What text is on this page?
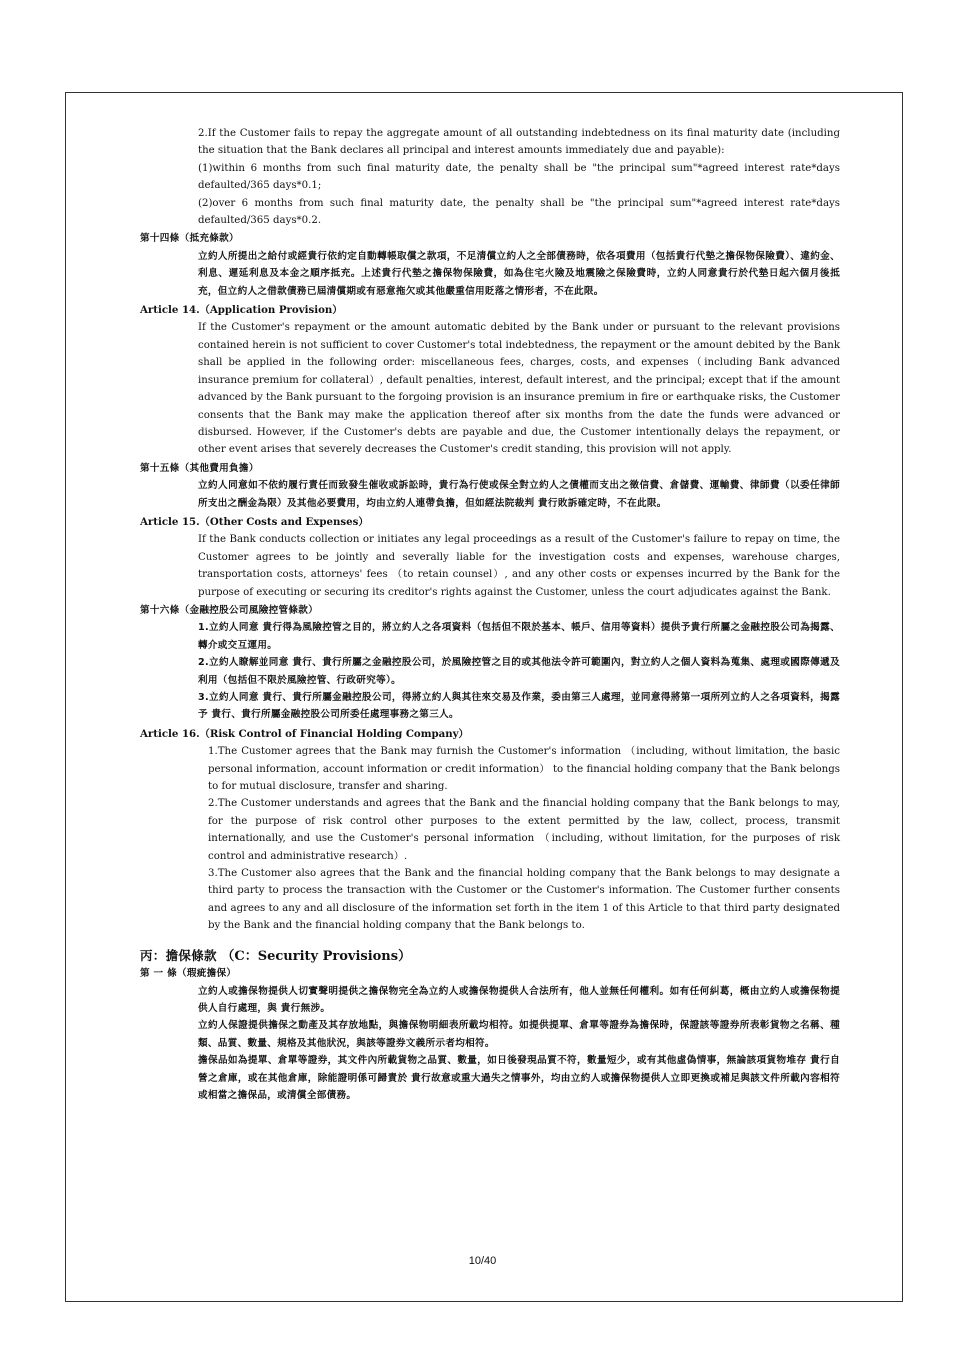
2.If the Customer fails to repay the aggregate amount of all outstanding indebtedness on its final maturity date (including the situation that the Bank declares all principal and interest amounts immediately due and payable):

(1)within 6 months from such final maturity date, the penalty shall be "the principal sum"*agreed interest rate*days defaulted/365 days*0.1;

(2)over 6 months from such final maturity date, the penalty shall be "the principal sum"*agreed interest rate*days defaulted/365 days*0.2.

第十四條（抵充條款）

立約人所提出之給付或經貴行依約定自動轉帳取償之款項，不足清償立約人之全部債務時，依各項費用（包括貴行代墊之擔保物保險費）、違約金、利息、遲延利息及本金之順序抵充。上述貴行代墊之擔保物保險費，如為住宅火險及地震險之保險費時，立約人同意貴行於代墊日起六個月後抵充，但立約人之借款債務已屆清償期或有惡意拖欠或其他嚴重信用貶落之情形者，不在此限。

Article 14.（Application Provision）

If the Customer's repayment or the amount automatic debited by the Bank under or pursuant to the relevant provisions contained herein is not sufficient to cover Customer's total indebtedness, the repayment or the amount debited by the Bank shall be applied in the following order: miscellaneous fees, charges, costs, and expenses（including Bank advanced insurance premium for collateral）, default penalties, interest, default interest, and the principal; except that if the amount advanced by the Bank pursuant to the forgoing provision is an insurance premium in fire or earthquake risks, the Customer consents that the Bank may make the application thereof after six months from the date the funds were advanced or disbursed. However, if the Customer's debts are payable and due, the Customer intentionally delays the repayment, or other event arises that severely decreases the Customer's credit standing, this provision will not apply.

第十五條（其他費用負擔）

立約人同意如不依約履行責任而致發生催收或訴訟時，貴行為行使或保全對立約人之債權而支出之徵信費、倉儲費、運輸費、律師費（以委任律師所支出之酬金為限）及其他必要費用，均由立約人連帶負擔，但如經法院裁判 貴行敗訴確定時，不在此限。

Article 15.（Other Costs and Expenses）

If the Bank conducts collection or initiates any legal proceedings as a result of the Customer's failure to repay on time, the Customer agrees to be jointly and severally liable for the investigation costs and expenses, warehouse charges, transportation costs, attorneys' fees （to retain counsel）, and any other costs or expenses incurred by the Bank for the purpose of executing or securing its creditor's rights against the Customer, unless the court adjudicates against the Bank.

第十六條（金融控股公司風險控管條款）

1.立約人同意 貴行得為風險控管之目的，將立約人之各項資料（包括但不限於基本、帳戶、信用等資料）提供予貴行所屬之金融控股公司為揭露、轉介或交互運用。

2.立約人瞭解並同意 貴行、貴行所屬之金融控股公司，於風險控管之目的或其他法令許可範圍內，對立約人之個人資料為蒐集、處理或國際傳遞及利用（包括但不限於風險控管、行政研究等）。

3.立約人同意 貴行、貴行所屬金融控股公司，得將立約人與其往來交易及作業，委由第三人處理，並同意得將第一項所列立約人之各項資料，揭露予 貴行、貴行所屬金融控股公司所委任處理事務之第三人。

Article 16.（Risk Control of Financial Holding Company）

1.The Customer agrees that the Bank may furnish the Customer's information （including, without limitation, the basic personal information, account information or credit information） to the financial holding company that the Bank belongs to for mutual disclosure, transfer and sharing.

2.The Customer understands and agrees that the Bank and the financial holding company that the Bank belongs to may, for the purpose of risk control other purposes to the extent permitted by the law, collect, process, transmit internationally, and use the Customer's personal information （including, without limitation, for the purposes of risk control and administrative research）.

3.The Customer also agrees that the Bank and the financial holding company that the Bank belongs to may designate a third party to process the transaction with the Customer or the Customer's information. The Customer further consents and agrees to any and all disclosure of the information set forth in the item 1 of this Article to that third party designated by the Bank and the financial holding company that the Bank belongs to.

丙：擔保條款 （C：Security Provisions）

第 一 條（瑕疵擔保）

立約人或擔保物提供人切實聲明提供之擔保物完全為立約人或擔保物提供人合法所有，他人並無任何權利。如有任何糾葛，概由立約人或擔保物提供人自行處理，與 貴行無涉。

立約人保證提供擔保之動產及其存放地點，與擔保物明細表所載均相符。如提供提單、倉單等證券為擔保時，保證該等證券所表彰貨物之名稱、種類、品質、數量、規格及其他狀況，與該等證券文義所示者均相符。

擔保品如為提單、倉單等證券，其文件內所載貨物之品質、數量，如日後發現品質不符，數量短少，或有其他虛偽情事，無論該項貨物堆存 貴行自營之倉庫，或在其他倉庫，除能證明係可歸責於 貴行故意或重大過失之情事外，均由立約人或擔保物提供人立即更換或補足與該文件所載內容相符或相當之擔保品，或清償全部債務。

10/40
